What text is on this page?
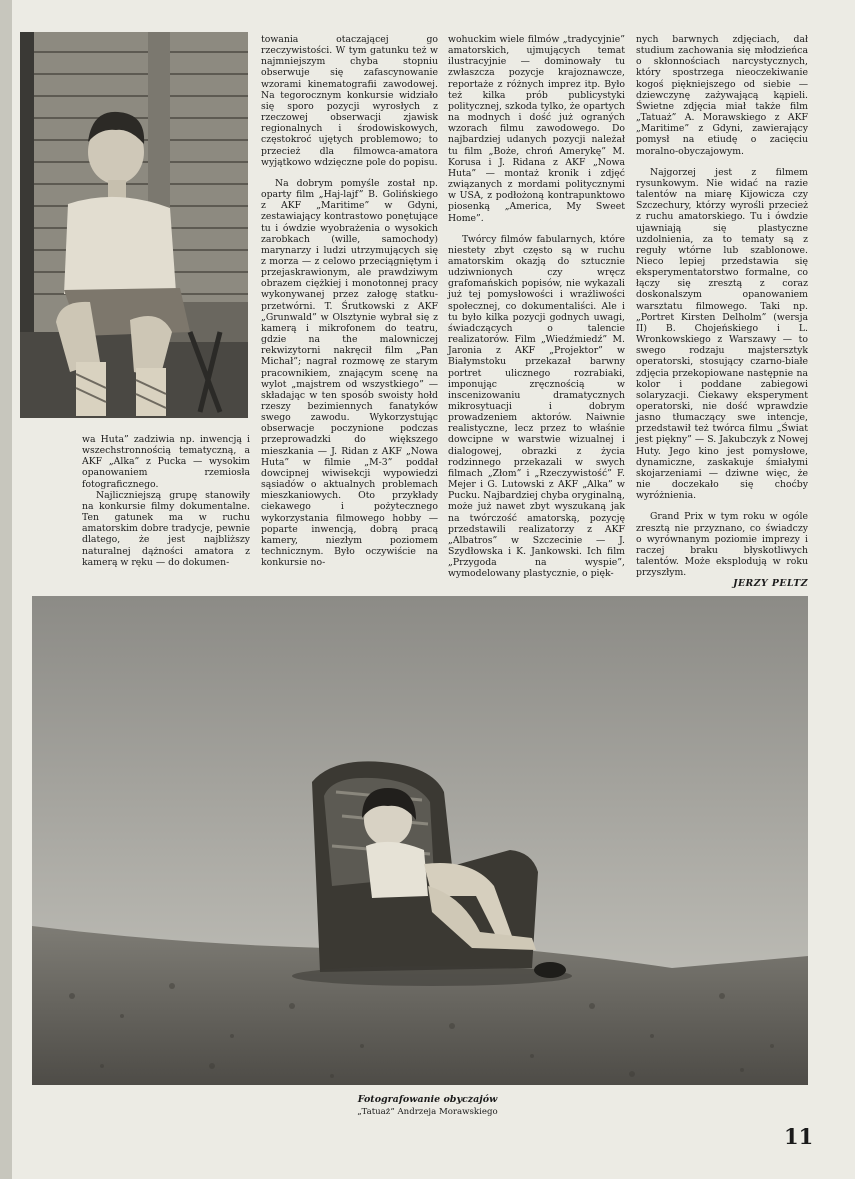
wa Huta” zadziwia np. inwencją i wszechstronnością tematyczną, a AKF „Alka” z Pucka — wysokim opanowaniem rzemiosła fotograficznego.

Najliczniejszą grupę stanowiły na konkursie filmy dokumentalne. Ten gatunek ma w ruchu amatorskim dobre tradycje, pewnie dlatego, że jest najbliższy naturalnej dążności amatora z kamerą w ręku — do dokumen-

towania otaczającej go rzeczywistości. W tym gatunku też w najmniejszym chyba stopniu obserwuje się zafascynowanie wzorami kinematografii zawodowej. Na tegorocznym konkursie widziało się sporo pozycji wyrosłych z rzeczowej obserwacji zjawisk regionalnych i środowiskowych, częstokroć ujętych problemowo; to przecież dla filmowca-amatora wyjątkowo wdzięczne pole do popisu.

Na dobrym pomyśle został np. oparty film „Haj-lajf” B. Golińskiego z AKF „Maritime” w Gdyni, zestawiający kontrastowo ponętujące tu i ówdzie wyobrażenia o wysokich zarobkach (wille, samochody) marynarzy i ludzi utrzymujących się z morza — z celowo przeciągniętym i przejaskrawionym, ale prawdziwym obrazem ciężkiej i monotonnej pracy wykonywanej przez załogę statku-przetwórni. T. Śrutkowski z AKF „Grunwald” w Olsztynie wybrał się z kamerą i mikrofonem do teatru, gdzie na the malowniczej rekwizytorni nakręcił film „Pan Michał”; nagrał rozmowę ze starym pracownikiem, znającym scenę na wylot „majstrem od wszystkiego” — składając w ten sposób swoisty hołd rzeszy bezimiennych fanatyków swego zawodu. Wykorzystując obserwacje poczynione podczas przeprowadzki do większego mieszkania — J. Ridan z AKF „Nowa Huta” w filmie „M-3” poddał dowcipnej wiwisekcji wypowiedzi sąsiadów o aktualnych problemach mieszkaniowych. Oto przykłady ciekawego i pożytecznego wykorzystania filmowego hobby — poparte inwencją, dobrą pracą kamery, niezłym poziomem technicznym. Było oczywiście na konkursie no-

wohuckim wiele filmów „tradycyjnie” amatorskich, ujmujących temat ilustracyjnie — dominowały tu zwłaszcza pozycje krajoznawcze, reportaże z różnych imprez itp. Było też kilka prób publicystyki politycznej, szkoda tylko, że opartych na modnych i dość już ograných wzorach filmu zawodowego. Do najbardziej udanych pozycji należał tu film „Boże, chroń Amerykę” M. Korusa i J. Ridana z AKF „Nowa Huta” — montaż kronik i zdjęć związanych z mordami politycznymi w USA, z podłożoną kontrapunktowo piosenką „America, My Sweet Home”.

Twórcy filmów fabularnych, które niestety zbyt często są w ruchu amatorskim okazją do sztucznie udziwnionych czy wręcz grafomańskich popisów, nie wykazali już tej pomysłowości i wrażliwości społecznej, co dokumentaliści. Ale i tu było kilka pozycji godnych uwagi, świadczących o talencie realizatorów. Film „Wiedźmiedź” M. Jaronia z AKF „Projektor” w Białymstoku przekazał barwny portret ulicznego rozrabiaki, imponując zręcznością w inscenizowaniu dramatycznych mikrosytuacji i dobrym prowadzeniem aktorów. Naiwnie realistyczne, lecz przez to właśnie dowcipne w warstwie wizualnej i dialogowej, obrazki z życia rodzinnego przekazali w swych filmach „Złom” i „Rzeczywistość” F. Mejer i G. Lutowski z AKF „Alka” w Pucku. Najbardziej chyba oryginalną, może już nawet zbyt wyszukaną jak na twórczość amatorską, pozycję przedstawili realizatorzy z AKF „Albatros” w Szczecinie — J. Szydłowska i K. Jankowski. Ich film „Przygoda na wyspie”, wymodelowany plastycznie, o pięk-

nych barwnych zdjęciach, dał studium zachowania się młodzieńca o skłonnościach narcystycznych, który spostrzega nieoczekiwanie kogoś piękniejszego od siebie — dziewczynę zażywającą kąpieli. Świetne zdjęcia miał także film „Tatuaż” A. Morawskiego z AKF „Maritime” z Gdyni, zawierający pomysł na etiudę o zacięciu moralno-obyczajowym.

Najgorzej jest z filmem rysunkowym. Nie widać na razie talentów na miarę Kijowicza czy Szczechury, którzy wyrośli przecież z ruchu amatorskiego. Tu i ówdzie ujawniają się plastyczne uzdolnienia, za to tematy są z reguły wtórne lub szablonowe. Nieco lepiej przedstawia się eksperymentatorstwo formalne, co łączy się zresztą z coraz doskonalszym opanowaniem warsztatu filmowego. Taki np. „Portret Kirsten Delholm” (wersja II) B. Chojeńskiego i L. Wronkowskiego z Warszawy — to swego rodzaju majstersztyk operatorski, stosujący czarno-białe zdjęcia przekopiowane następnie na kolor i poddane zabiegowi solaryzacji. Ciekawy eksperyment operatorski, nie dość wprawdzie jasno tłumaczący swe intencje, przedstawił też twórca filmu „Świat jest piękny” — S. Jakubczyk z Nowej Huty. Jego kino jest pomysłowe, dynamiczne, zaskakuje śmiałymi skojarzeniami — dziwne więc, że nie doczekało się choćby wyróżnienia.

Grand Prix w tym roku w ogóle zresztą nie przyznano, co świadczy o wyrównanym poziomie imprezy i raczej braku błyskotliwych talentów. Może eksplodują w roku przyszłym.

JERZY PELTZ

Fotografowanie obyczajów
„Tatuaż” Andrzeja Morawskiego
11
